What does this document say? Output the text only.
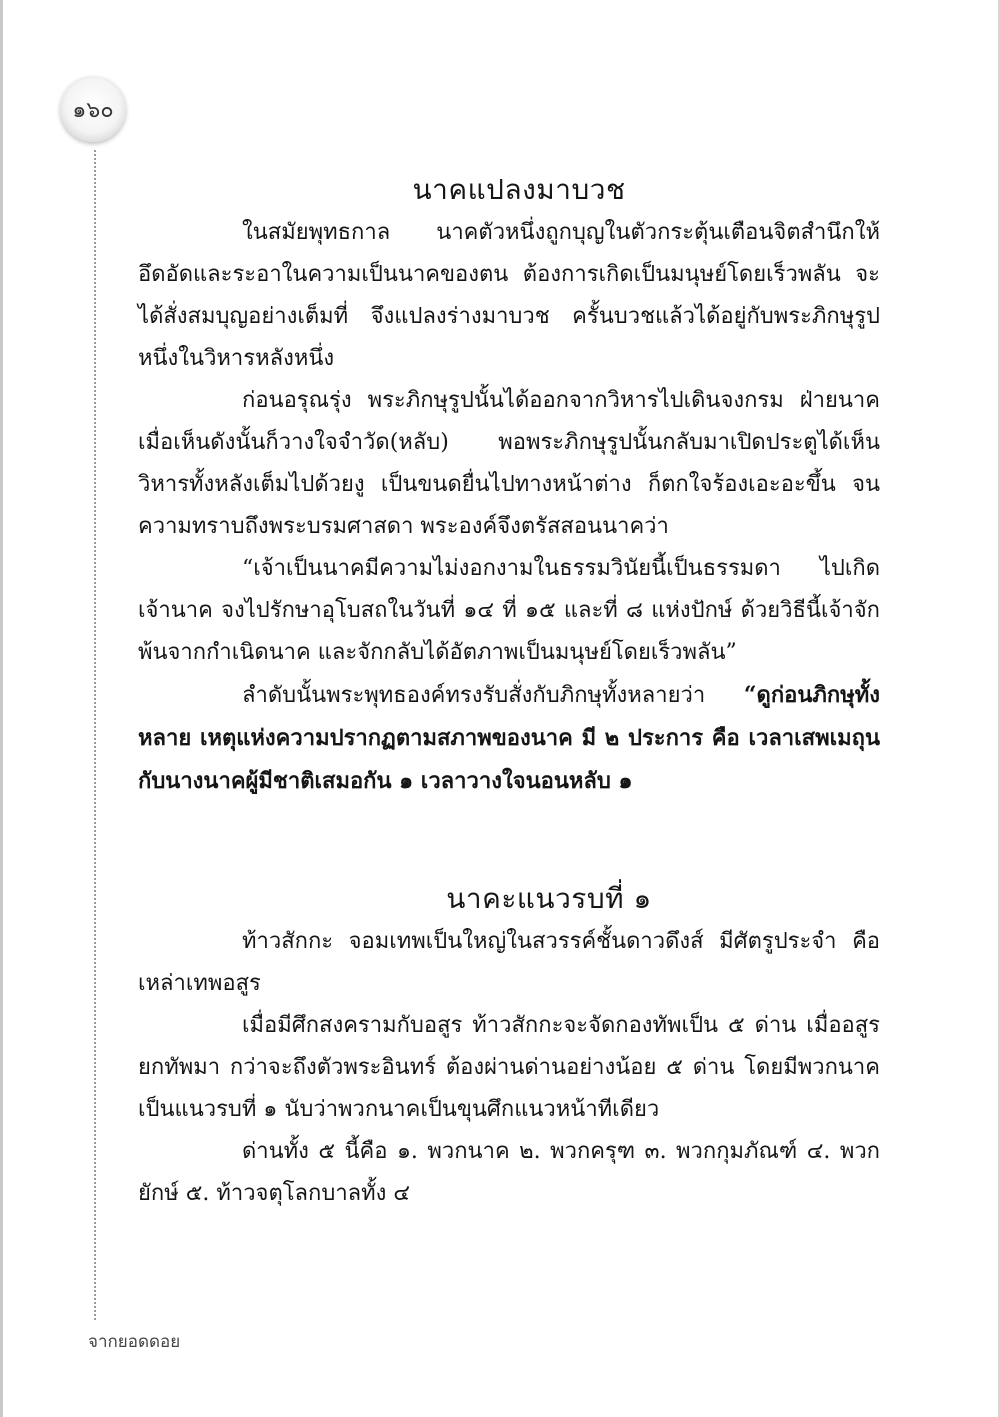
๑๖๐
นาคแปลงมาบวช

ในสมัยพุทธกาล นาคตัวหนึ่งถูกบุญในตัวกระตุ้นเตือนจิตสำนึกให้อึดอัดและระอาในความเป็นนาคของตน ต้องการเกิดเป็นมนุษย์โดยเร็วพลัน จะได้สั่งสมบุญอย่างเต็มที่ จึงแปลงร่างมาบวช ครั้นบวชแล้วได้อยู่กับพระภิกษุรูปหนึ่งในวิหารหลังหนึ่ง

ก่อนอรุณรุ่ง พระภิกษุรูปนั้นได้ออกจากวิหารไปเดินจงกรม ฝ่ายนาคเมื่อเห็นดังนั้นก็วางใจจำวัด(หลับ) พอพระภิกษุรูปนั้นกลับมาเปิดประตูได้เห็นวิหารทั้งหลังเต็มไปด้วยงู เป็นขนดยื่นไปทางหน้าต่าง ก็ตกใจร้องเอะอะขึ้น จนความทราบถึงพระบรมศาสดา พระองค์จึงตรัสสอนนาคว่า

“เจ้าเป็นนาคมีความไม่งอกงามในธรรมวินัยนี้เป็นธรรมดา ไปเกิดเจ้านาค จงไปรักษาอุโบสถในวันที่ ๑๔ ที่ ๑๕ และที่ ๘ แห่งปักษ์ ด้วยวิธีนี้เจ้าจักพ้นจากกำเนิดนาค และจักกลับได้อัตภาพเป็นมนุษย์โดยเร็วพลัน”

ลำดับนั้นพระพุทธองค์ทรงรับสั่งกับภิกษุทั้งหลายว่า “ดูก่อนภิกษุทั้งหลาย เหตุแห่งความปรากฏตามสภาพของนาค มี ๒ ประการ คือ เวลาเสพเมถุนกับนางนาคผู้มีชาติเสมอกัน ๑ เวลาวางใจนอนหลับ ๑

นาคะแนวรบที่ ๑

ท้าวสักกะ จอมเทพเป็นใหญ่ในสวรรค์ชั้นดาวดึงส์ มีศัตรูประจำ คือเหล่าเทพอสูร

เมื่อมีศึกสงครามกับอสูร ท้าวสักกะจะจัดกองทัพเป็น ๕ ด่าน เมื่ออสูรยกทัพมา กว่าจะถึงตัวพระอินทร์ ต้องผ่านด่านอย่างน้อย ๕ ด่าน โดยมีพวกนาคเป็นแนวรบที่ ๑ นับว่าพวกนาคเป็นขุนศึกแนวหน้าทีเดียว

ด่านทั้ง ๕ นี้คือ ๑. พวกนาค ๒. พวกครุฑ ๓. พวกกุมภัณฑ์ ๔. พวกยักษ์ ๕. ท้าวจตุโลกบาลทั้ง ๔

จากยอดดอย
